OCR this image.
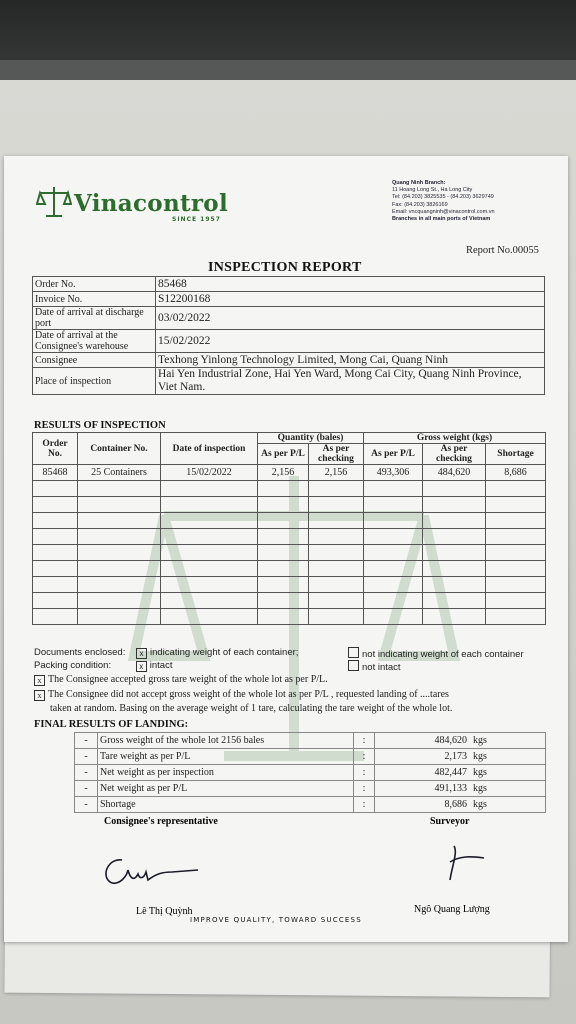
Vinacontrol
SINCE 1957
Quang Ninh Branch:
11 Hoang Long St., Ha Long City
Tel: (84.203) 3825535 - (84.203) 3629749
Fax: (84.203) 3826169
Email: vncquangninh@vinacontrol.com.vn
Branches in all main ports of Vietnam
Report No.00055
INSPECTION REPORT
Order No.	85468
Invoice No.	S12200168
Date of arrival at discharge port	03/02/2022
Date of arrival at the Consignee's warehouse	15/02/2022
Consignee	Texhong Yinlong Technology Limited, Mong Cai, Quang Ninh
Place of inspection	Hai Yen Industrial Zone, Hai Yen Ward, Mong Cai City, Quang Ninh Province, Viet Nam.
RESULTS OF INSPECTION
Order No.	Container No.	Date of inspection	Quantity (bales)		Gross weight (kgs)		
			As per P/L	As per checking	As per P/L	As per checking	Shortage
85468	25 Containers	15/02/2022	2,156	2,156	493,306	484,620	8,686

Documents enclosed: x indicating weight of each container;	not indicating weight of each container
Packing condition:	x intact	not intact
x The Consignee accepted gross tare weight of the whole lot as per P/L.
x The Consignee did not accept gross weight of the whole lot as per P/L , requested landing of ....tares
taken at random. Basing on the average weight of 1 tare, calculating the tare weight of the whole lot.
FINAL RESULTS OF LANDING:
-	Gross weight of the whole lot 2156 bales	:	484,620	kgs
-	Tare weight as per P/L	:	2,173	kgs
-	Net weight as per inspection	:	482,447	kgs
-	Net weight as per P/L	:	491,133	kgs
-	Shortage	:	8,686	kgs
Consignee's representative	Surveyor
Lê Thị Quỳnh	Ngô Quang Lượng
IMPROVE QUALITY, TOWARD SUCCESS
